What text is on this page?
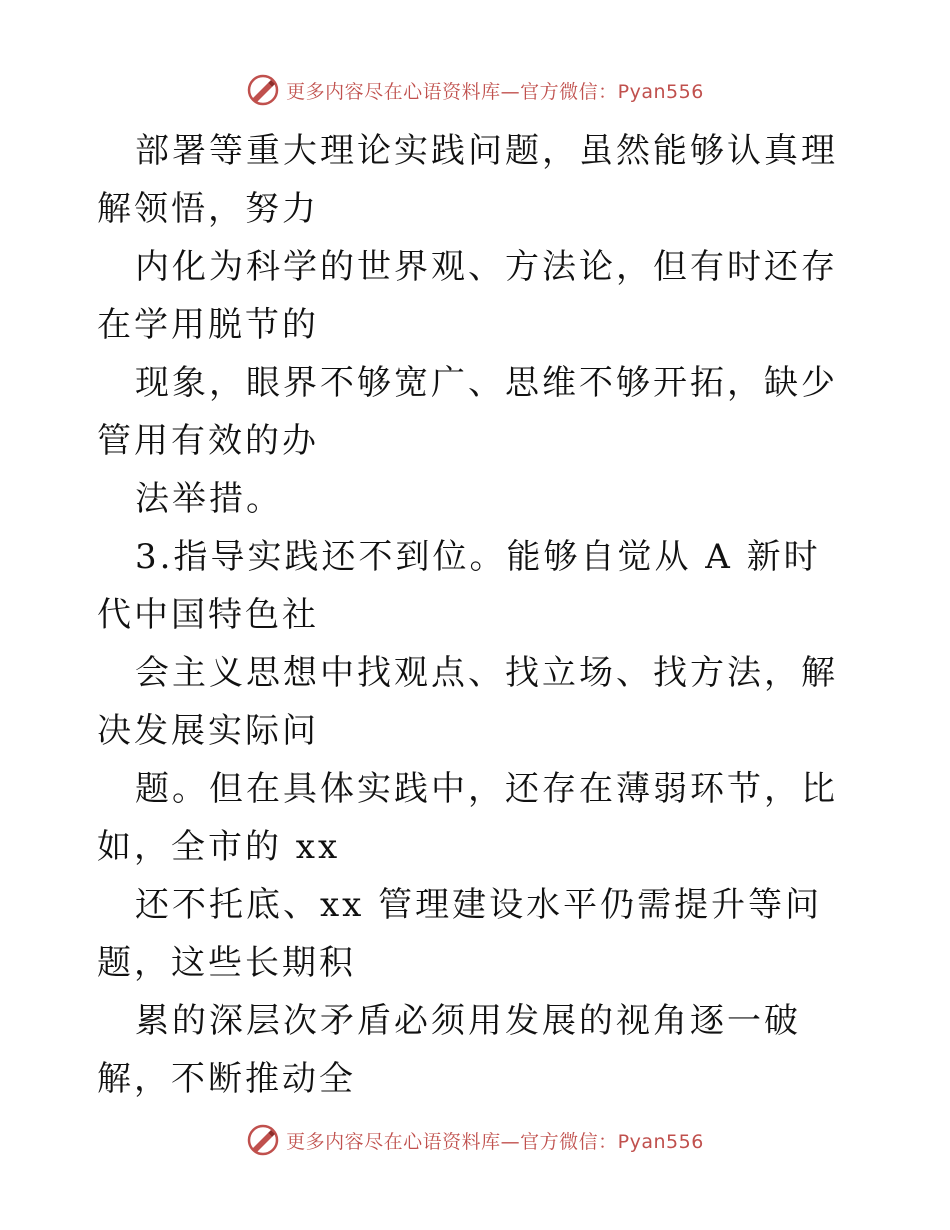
更多内容尽在心语资料库—官方微信：Pyan556

部署等重大理论实践问题，虽然能够认真理解领悟，努力

内化为科学的世界观、方法论，但有时还存在学用脱节的

现象，眼界不够宽广、思维不够开拓，缺少管用有效的办

法举措。

3.指导实践还不到位。能够自觉从 A 新时代中国特色社

会主义思想中找观点、找立场、找方法，解决发展实际问

题。但在具体实践中，还存在薄弱环节，比如，全市的 xx

还不托底、xx 管理建设水平仍需提升等问题，这些长期积

累的深层次矛盾必须用发展的视角逐一破解，不断推动全

更多内容尽在心语资料库—官方微信：Pyan556
